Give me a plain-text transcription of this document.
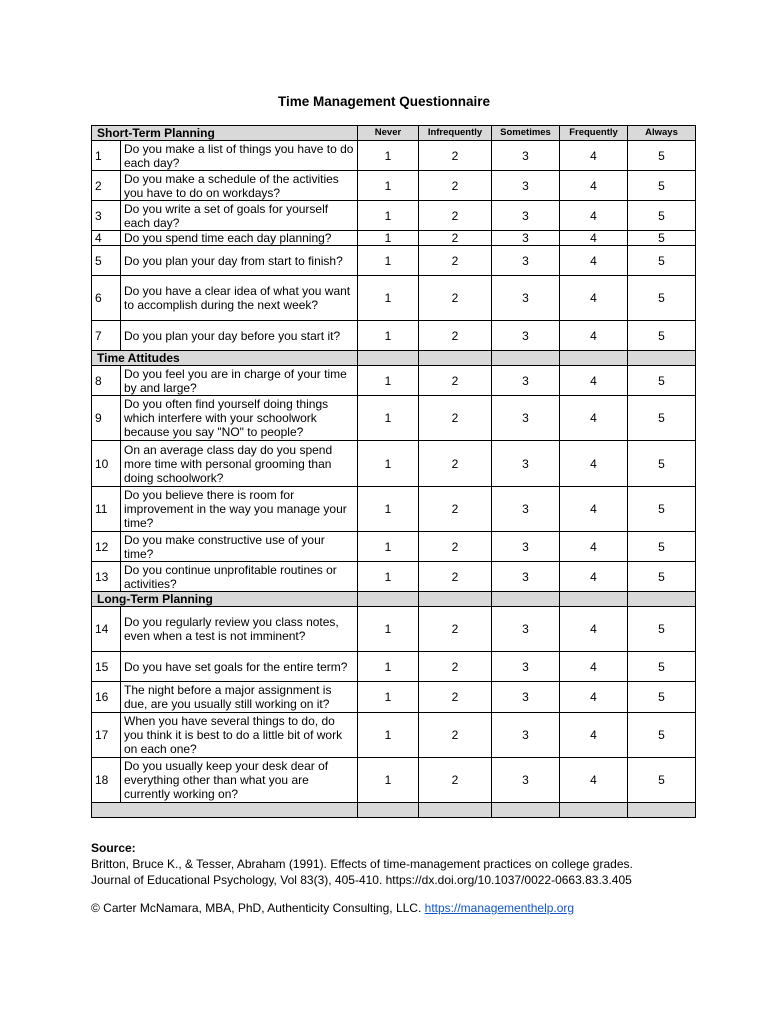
Time Management Questionnaire
Short-Term Planning		Never	Infrequently	Sometimes	Frequently	Always
1	Do you make a list of things you have to do each day?	1	2	3	4	5
2	Do you make a schedule of the activities you have to do on workdays?	1	2	3	4	5
3	Do you write a set of goals for yourself each day?	1	2	3	4	5
4	Do you spend time each day planning?	1	2	3	4	5
5	Do you plan your day from start to finish?	1	2	3	4	5
6	Do you have a clear idea of what you want to accomplish during the next week?	1	2	3	4	5
7	Do you plan your day before you start it?	1	2	3	4	5
Time Attitudes						
8	Do you feel you are in charge of your time by and large?	1	2	3	4	5
9	Do you often find yourself doing things which interfere with your schoolwork because you say "NO" to people?	1	2	3	4	5
10	On an average class day do you spend more time with personal grooming than doing schoolwork?	1	2	3	4	5
11	Do you believe there is room for improvement in the way you manage your time?	1	2	3	4	5
12	Do you make constructive use of your time?	1	2	3	4	5
13	Do you continue unprofitable routines or activities?	1	2	3	4	5
Long-Term Planning						
14	Do you regularly review you class notes, even when a test is not imminent?	1	2	3	4	5
15	Do you have set goals for the entire term?	1	2	3	4	5
16	The night before a major assignment is due, are you usually still working on it?	1	2	3	4	5
17	When you have several things to do, do you think it is best to do a little bit of work on each one?	1	2	3	4	5
18	Do you usually keep your desk dear of everything other than what you are currently working on?	1	2	3	4	5

Source:
Britton, Bruce K., & Tesser, Abraham (1991). Effects of time-management practices on college grades.
Journal of Educational Psychology, Vol 83(3), 405-410. https://dx.doi.org/10.1037/0022-0663.83.3.405
© Carter McNamara, MBA, PhD, Authenticity Consulting, LLC. https://managementhelp.org
